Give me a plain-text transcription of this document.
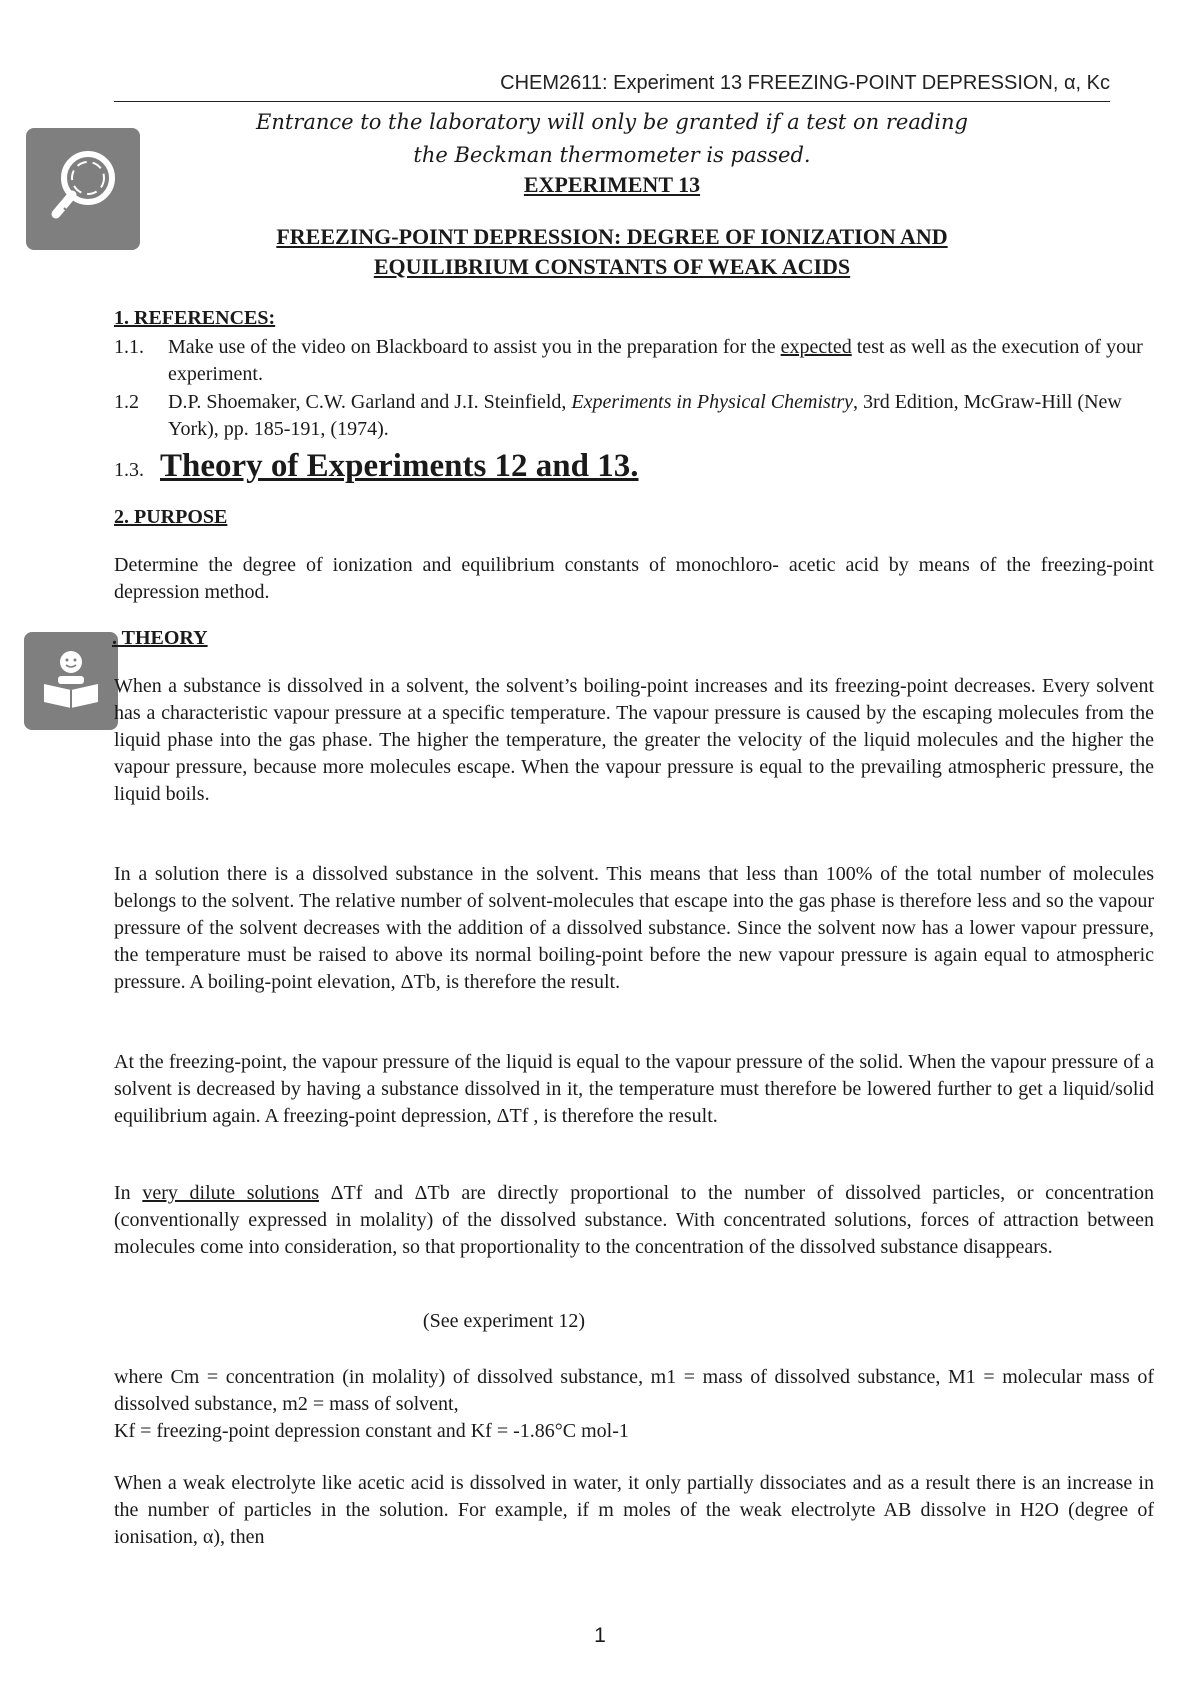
CHEM2611: Experiment 13 FREEZING-POINT DEPRESSION, α, Kc
Entrance to the laboratory will only be granted if a test on reading
the Beckman thermometer is passed.
EXPERIMENT 13
FREEZING-POINT DEPRESSION: DEGREE OF IONIZATION AND
EQUILIBRIUM CONSTANTS OF WEAK ACIDS
1. REFERENCES:
1.1. Make use of the video on Blackboard to assist you in the preparation for the expected test as well as the execution of your experiment.
1.2 D.P. Shoemaker, C.W. Garland and J.I. Steinfield, Experiments in Physical Chemistry, 3rd Edition, McGraw-Hill (New York), pp. 185-191, (1974).
1.3. Theory of Experiments 12 and 13.
2. PURPOSE
Determine the degree of ionization and equilibrium constants of monochloro- acetic acid by means of the freezing-point depression method.
. THEORY
When a substance is dissolved in a solvent, the solvent’s boiling-point increases and its freezing-point decreases. Every solvent has a characteristic vapour pressure at a specific temperature. The vapour pressure is caused by the escaping molecules from the liquid phase into the gas phase. The higher the temperature, the greater the velocity of the liquid molecules and the higher the vapour pressure, because more molecules escape. When the vapour pressure is equal to the prevailing atmospheric pressure, the liquid boils.
In a solution there is a dissolved substance in the solvent. This means that less than 100% of the total number of molecules belongs to the solvent. The relative number of solvent-molecules that escape into the gas phase is therefore less and so the vapour pressure of the solvent decreases with the addition of a dissolved substance. Since the solvent now has a lower vapour pressure, the temperature must be raised to above its normal boiling-point before the new vapour pressure is again equal to atmospheric pressure. A boiling-point elevation, ΔTb, is therefore the result.
At the freezing-point, the vapour pressure of the liquid is equal to the vapour pressure of the solid. When the vapour pressure of a solvent is decreased by having a substance dissolved in it, the temperature must therefore be lowered further to get a liquid/solid equilibrium again. A freezing-point depression, ΔTf , is therefore the result.
In very dilute solutions ΔTf and ΔTb are directly proportional to the number of dissolved particles, or concentration (conventionally expressed in molality) of the dissolved substance. With concentrated solutions, forces of attraction between molecules come into consideration, so that proportionality to the concentration of the dissolved substance disappears.
(See experiment 12)
where Cm = concentration (in molality) of dissolved substance, m1 = mass of dissolved substance, M1 = molecular mass of dissolved substance, m2 = mass of solvent,
Kf = freezing-point depression constant and Kf = -1.86°C mol-1
When a weak electrolyte like acetic acid is dissolved in water, it only partially dissociates and as a result there is an increase in the number of particles in the solution. For example, if m moles of the weak electrolyte AB dissolve in H2O (degree of ionisation, α), then
1
